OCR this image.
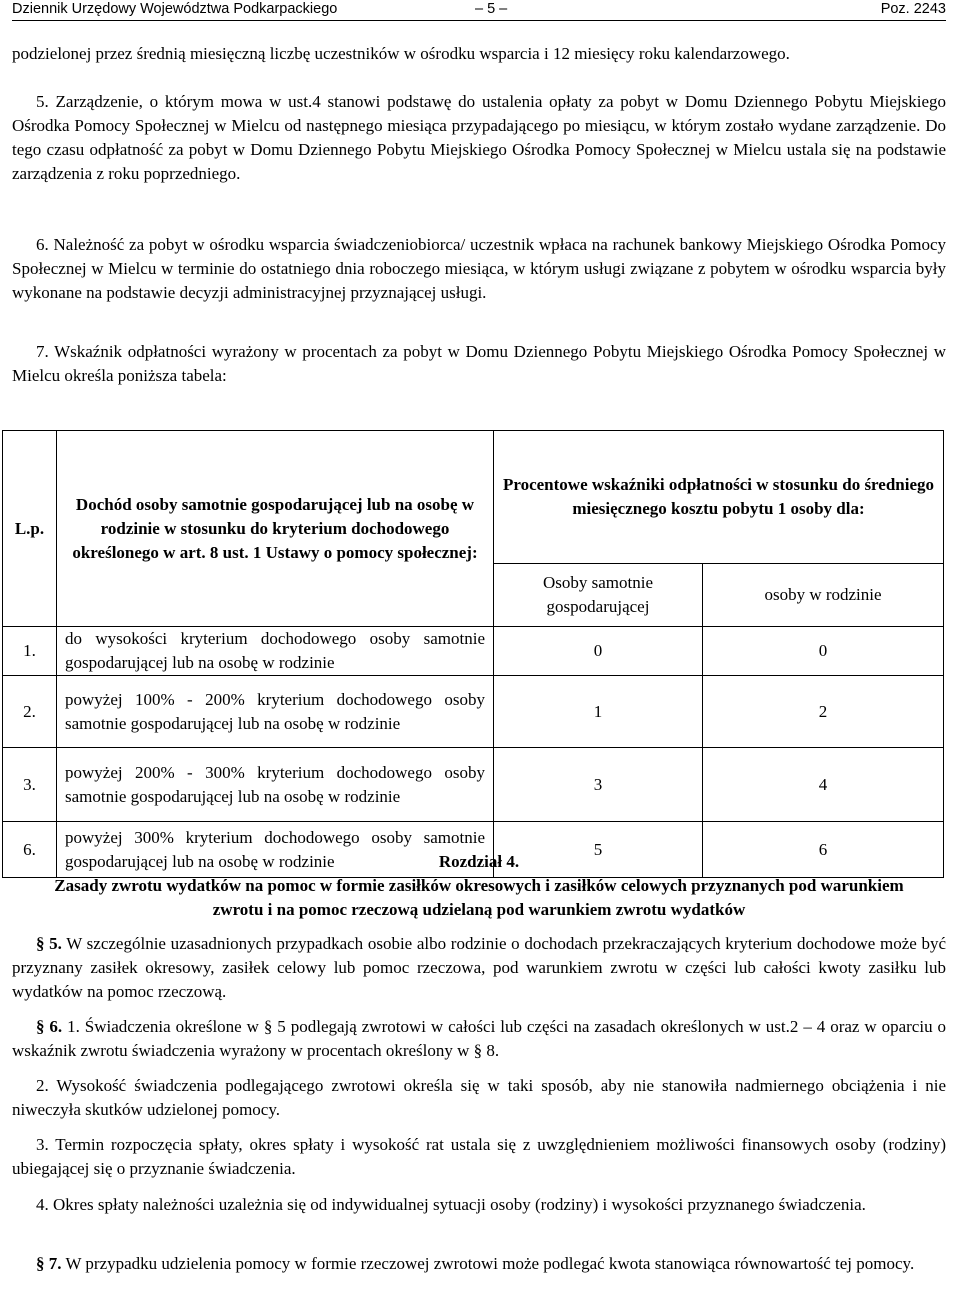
Dziennik Urzędowy Województwa Podkarpackiego	– 5 –	Poz. 2243

podzielonej przez średnią miesięczną liczbę uczestników w ośrodku wsparcia i 12 miesięcy roku kalendarzowego.

5. Zarządzenie, o którym mowa w ust.4 stanowi podstawę do ustalenia opłaty za pobyt w Domu Dziennego Pobytu Miejskiego Ośrodka Pomocy Społecznej w Mielcu od następnego miesiąca przypadającego po miesiącu, w którym zostało wydane zarządzenie. Do tego czasu odpłatność za pobyt w Domu Dziennego Pobytu Miejskiego Ośrodka Pomocy Społecznej w Mielcu ustala się na podstawie zarządzenia z roku poprzedniego.

6. Należność za pobyt w ośrodku wsparcia świadczeniobiorca/ uczestnik wpłaca na rachunek bankowy Miejskiego Ośrodka Pomocy Społecznej w Mielcu w terminie do ostatniego dnia roboczego miesiąca, w którym usługi związane z pobytem w ośrodku wsparcia były wykonane na podstawie decyzji administracyjnej przyznającej usługi.

7. Wskaźnik odpłatności wyrażony w procentach za pobyt w Domu Dziennego Pobytu Miejskiego Ośrodka Pomocy Społecznej w Mielcu określa poniższa tabela:

L.p.	Dochód osoby samotnie gospodarującej lub na osobę w rodzinie w stosunku do kryterium dochodowego określonego w art. 8 ust. 1 Ustawy o pomocy społecznej:	Procentowe wskaźniki odpłatności w stosunku do średniego miesięcznego kosztu pobytu 1 osoby dla:	
		Osoby samotnie gospodarującej	osoby w rodzinie
1.	do wysokości kryterium dochodowego osoby samotnie gospodarującej lub na osobę w rodzinie	0	0
2.	powyżej 100% - 200% kryterium dochodowego osoby samotnie gospodarującej lub na osobę w rodzinie	1	2
3.	powyżej 200% - 300% kryterium dochodowego osoby samotnie gospodarującej lub na osobę w rodzinie	3	4
6.	powyżej 300% kryterium dochodowego osoby samotnie gospodarującej lub na osobę w rodzinie	5	6

Rozdział 4.

Zasady zwrotu wydatków na pomoc w formie zasiłków okresowych i zasiłków celowych przyznanych pod warunkiem zwrotu i na pomoc rzeczową udzielaną pod warunkiem zwrotu wydatków

§ 5. W szczególnie uzasadnionych przypadkach osobie albo rodzinie o dochodach przekraczających kryterium dochodowe może być przyznany zasiłek okresowy, zasiłek celowy lub pomoc rzeczowa, pod warunkiem zwrotu w części lub całości kwoty zasiłku lub wydatków na pomoc rzeczową.

§ 6. 1. Świadczenia określone w § 5 podlegają zwrotowi w całości lub części na zasadach określonych w ust.2 – 4 oraz w oparciu o wskaźnik zwrotu świadczenia wyrażony w procentach określony w § 8.

2. Wysokość świadczenia podlegającego zwrotowi określa się w taki sposób, aby nie stanowiła nadmiernego obciążenia i nie niweczyła skutków udzielonej pomocy.

3. Termin rozpoczęcia spłaty, okres spłaty i wysokość rat ustala się z uwzględnieniem możliwości finansowych osoby (rodziny) ubiegającej się o przyznanie świadczenia.

4. Okres spłaty należności uzależnia się od indywidualnej sytuacji osoby (rodziny) i wysokości przyznanego świadczenia.

§ 7. W przypadku udzielenia pomocy w formie rzeczowej zwrotowi może podlegać kwota stanowiąca równowartość tej pomocy.
